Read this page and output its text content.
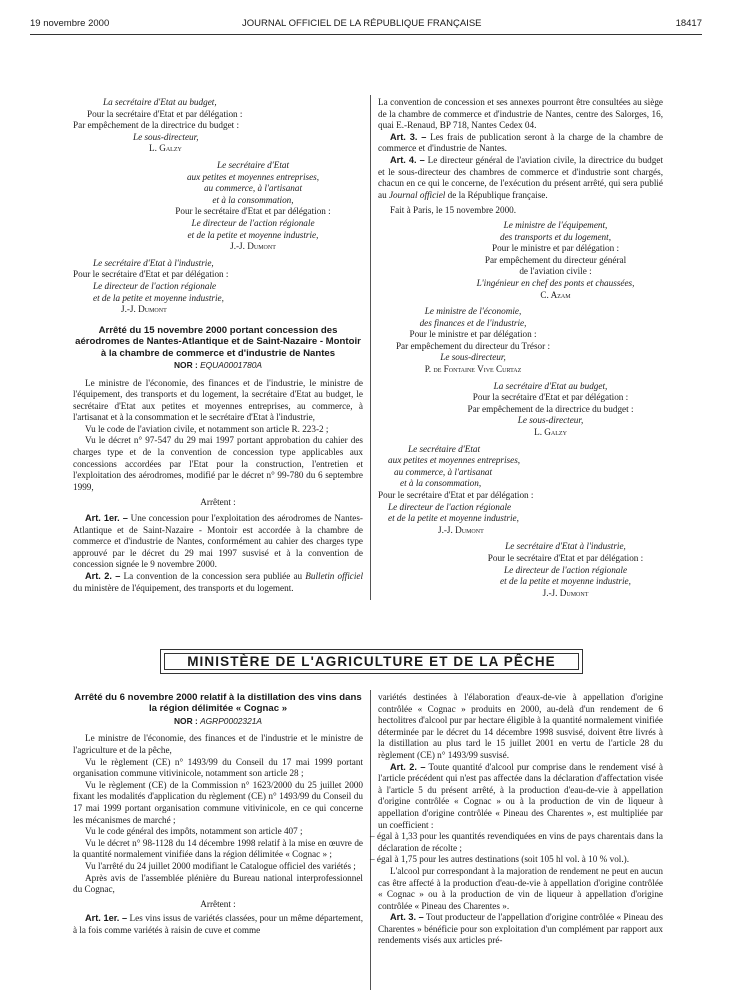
19 novembre 2000	JOURNAL OFFICIEL DE LA RÉPUBLIQUE FRANÇAISE	18417

La secrétaire d'Etat au budget,

Pour la secrétaire d'Etat et par délégation :

Par empêchement de la directrice du budget :

Le sous-directeur,

L. Galzy

Le secrétaire d'Etat

aux petites et moyennes entreprises,

au commerce, à l'artisanat

et à la consommation,

Pour le secrétaire d'Etat et par délégation :

Le directeur de l'action régionale

et de la petite et moyenne industrie,

J.-J. Dumont

Le secrétaire d'Etat à l'industrie,

Pour le secrétaire d'Etat et par délégation :

Le directeur de l'action régionale

et de la petite et moyenne industrie,

J.-J. Dumont

Arrêté du 15 novembre 2000 portant concession des aérodromes de Nantes-Atlantique et de Saint-Nazaire - Montoir à la chambre de commerce et d'industrie de Nantes

NOR : EQUA0001780A

Le ministre de l'économie, des finances et de l'industrie, le ministre de l'équipement, des transports et du logement, la secrétaire d'Etat au budget, le secrétaire d'Etat aux petites et moyennes entreprises, au commerce, à l'artisanat et à la consommation et le secrétaire d'Etat à l'industrie,

Vu le code de l'aviation civile, et notamment son article R. 223-2 ;

Vu le décret n° 97-547 du 29 mai 1997 portant approbation du cahier des charges type et de la convention de concession type applicables aux concessions accordées par l'Etat pour la construction, l'entretien et l'exploitation des aérodromes, modifié par le décret n° 99-780 du 6 septembre 1999,

Arrêtent :

Art. 1er. – Une concession pour l'exploitation des aérodromes de Nantes-Atlantique et de Saint-Nazaire - Montoir est accordée à la chambre de commerce et d'industrie de Nantes, conformément au cahier des charges type approuvé par le décret du 29 mai 1997 susvisé et à la convention de concession signée le 9 novembre 2000.

Art. 2. – La convention de la concession sera publiée au Bulletin officiel du ministère de l'équipement, des transports et du logement.

La convention de concession et ses annexes pourront être consultées au siège de la chambre de commerce et d'industrie de Nantes, centre des Salorges, 16, quai E.-Renaud, BP 718, Nantes Cedex 04.

Art. 3. – Les frais de publication seront à la charge de la chambre de commerce et d'industrie de Nantes.

Art. 4. – Le directeur général de l'aviation civile, la directrice du budget et le sous-directeur des chambres de commerce et d'industrie sont chargés, chacun en ce qui le concerne, de l'exécution du présent arrêté, qui sera publié au Journal officiel de la République française.

Fait à Paris, le 15 novembre 2000.

Le ministre de l'équipement,

des transports et du logement,

Pour le ministre et par délégation :

Par empêchement du directeur général

de l'aviation civile :

L'ingénieur en chef des ponts et chaussées,

C. Azam

Le ministre de l'économie,

des finances et de l'industrie,

Pour le ministre et par délégation :

Par empêchement du directeur du Trésor :

Le sous-directeur,

P. de Fontaine Vive Curtaz

La secrétaire d'Etat au budget,

Pour la secrétaire d'Etat et par délégation :

Par empêchement de la directrice du budget :

Le sous-directeur,

L. Galzy

Le secrétaire d'Etat

aux petites et moyennes entreprises,

au commerce, à l'artisanat

et à la consommation,

Pour le secrétaire d'Etat et par délégation :

Le directeur de l'action régionale

et de la petite et moyenne industrie,

J.-J. Dumont

Le secrétaire d'Etat à l'industrie,

Pour le secrétaire d'Etat et par délégation :

Le directeur de l'action régionale

et de la petite et moyenne industrie,

J.-J. Dumont

MINISTÈRE DE L'AGRICULTURE ET DE LA PÊCHE

Arrêté du 6 novembre 2000 relatif à la distillation des vins dans la région délimitée « Cognac »

NOR : AGRP0002321A

Le ministre de l'économie, des finances et de l'industrie et le ministre de l'agriculture et de la pêche,

Vu le règlement (CE) n° 1493/99 du Conseil du 17 mai 1999 portant organisation commune vitivinicole, notamment son article 28 ;

Vu le règlement (CE) de la Commission n° 1623/2000 du 25 juillet 2000 fixant les modalités d'application du règlement (CE) n° 1493/99 du Conseil du 17 mai 1999 portant organisation commune vitivinicole, en ce qui concerne les mécanismes de marché ;

Vu le code général des impôts, notamment son article 407 ;

Vu le décret n° 98-1128 du 14 décembre 1998 relatif à la mise en œuvre de la quantité normalement vinifiée dans la région délimitée « Cognac » ;

Vu l'arrêté du 24 juillet 2000 modifiant le Catalogue officiel des variétés ;

Après avis de l'assemblée plénière du Bureau national interprofessionnel du Cognac,

Arrêtent :

Art. 1er. – Les vins issus de variétés classées, pour un même département, à la fois comme variétés à raisin de cuve et comme

variétés destinées à l'élaboration d'eaux-de-vie à appellation d'origine contrôlée « Cognac » produits en 2000, au-delà d'un rendement de 6 hectolitres d'alcool pur par hectare éligible à la quantité normalement vinifiée déterminée par le décret du 14 décembre 1998 susvisé, doivent être livrés à la distillation au plus tard le 15 juillet 2001 en vertu de l'article 28 du règlement (CE) n° 1493/99 susvisé.

Art. 2. – Toute quantité d'alcool pur comprise dans le rendement visé à l'article précédent qui n'est pas affectée dans la déclaration d'affectation visée à l'article 5 du présent arrêté, à la production d'eau-de-vie à appellation d'origine contrôlée « Cognac » ou à la production de vin de liqueur à appellation d'origine contrôlée « Pineau des Charentes », est multipliée par un coefficient :

– égal à 1,33 pour les quantités revendiquées en vins de pays charentais dans la déclaration de récolte ;

– égal à 1,75 pour les autres destinations (soit 105 hl vol. à 10 % vol.).

L'alcool pur correspondant à la majoration de rendement ne peut en aucun cas être affecté à la production d'eau-de-vie à appellation d'origine contrôlée « Cognac » ou à la production de vin de liqueur à appellation d'origine contrôlée « Pineau des Charentes ».

Art. 3. – Tout producteur de l'appellation d'origine contrôlée « Pineau des Charentes » bénéficie pour son exploitation d'un complément par rapport aux rendements visés aux articles pré-
